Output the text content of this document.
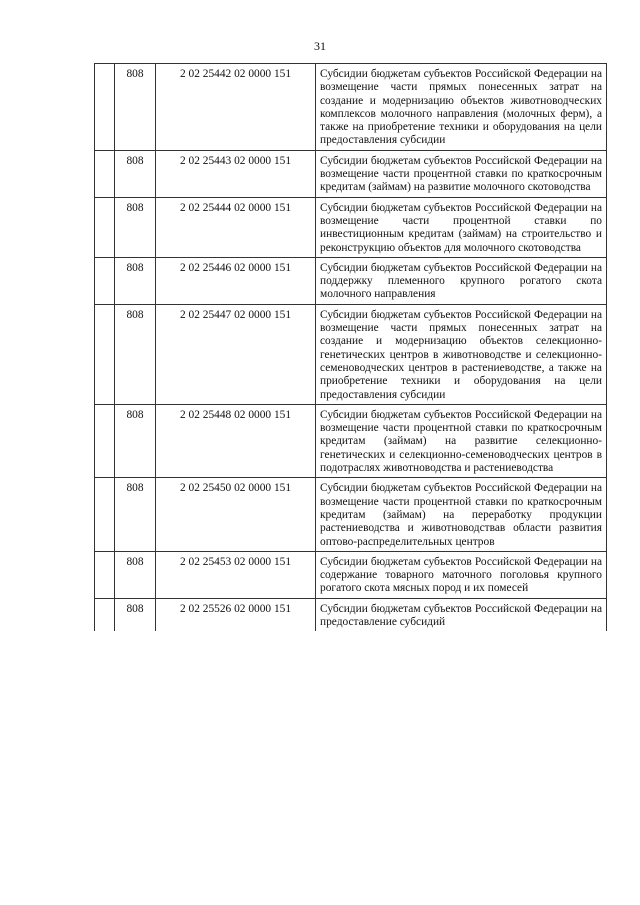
31
	808	2 02 25442 02 0000 151	Субсидии бюджетам субъектов Российской Федерации на возмещение части прямых понесенных затрат на создание и модернизацию объектов животноводческих комплексов молочного направления (молочных ферм), а также на приобретение техники и оборудования на цели предоставления субсидии
	808	2 02 25443 02 0000 151	Субсидии бюджетам субъектов Российской Федерации на возмещение части процентной ставки по краткосрочным кредитам (займам) на развитие молочного скотоводства
	808	2 02 25444 02 0000 151	Субсидии бюджетам субъектов Российской Федерации на возмещение части процентной ставки по инвестиционным кредитам (займам) на строительство и реконструкцию объектов для молочного скотоводства
	808	2 02 25446 02 0000 151	Субсидии бюджетам субъектов Российской Федерации на поддержку племенного крупного рогатого скота молочного направления
	808	2 02 25447 02 0000 151	Субсидии бюджетам субъектов Российской Федерации на возмещение части прямых понесенных затрат на создание и модернизацию объектов селекционно-генетических центров в животноводстве и селекционно-семеноводческих центров в растениеводстве, а также на приобретение техники и оборудования на цели предоставления субсидии
	808	2 02 25448 02 0000 151	Субсидии бюджетам субъектов Российской Федерации на возмещение части процентной ставки по краткосрочным кредитам (займам) на развитие селекционно-генетических и селекционно-семеноводческих центров в подотраслях животноводства и растениеводства
	808	2 02 25450 02 0000 151	Субсидии бюджетам субъектов Российской Федерации на возмещение части процентной ставки по краткосрочным кредитам (займам) на переработку продукции растениеводства и животноводствав области развития оптово-распределительных центров
	808	2 02 25453 02 0000 151	Субсидии бюджетам субъектов Российской Федерации на содержание товарного маточного поголовья крупного рогатого скота мясных пород и их помесей
	808	2 02 25526 02 0000 151	Субсидии бюджетам субъектов Российской Федерации на предоставление субсидий
